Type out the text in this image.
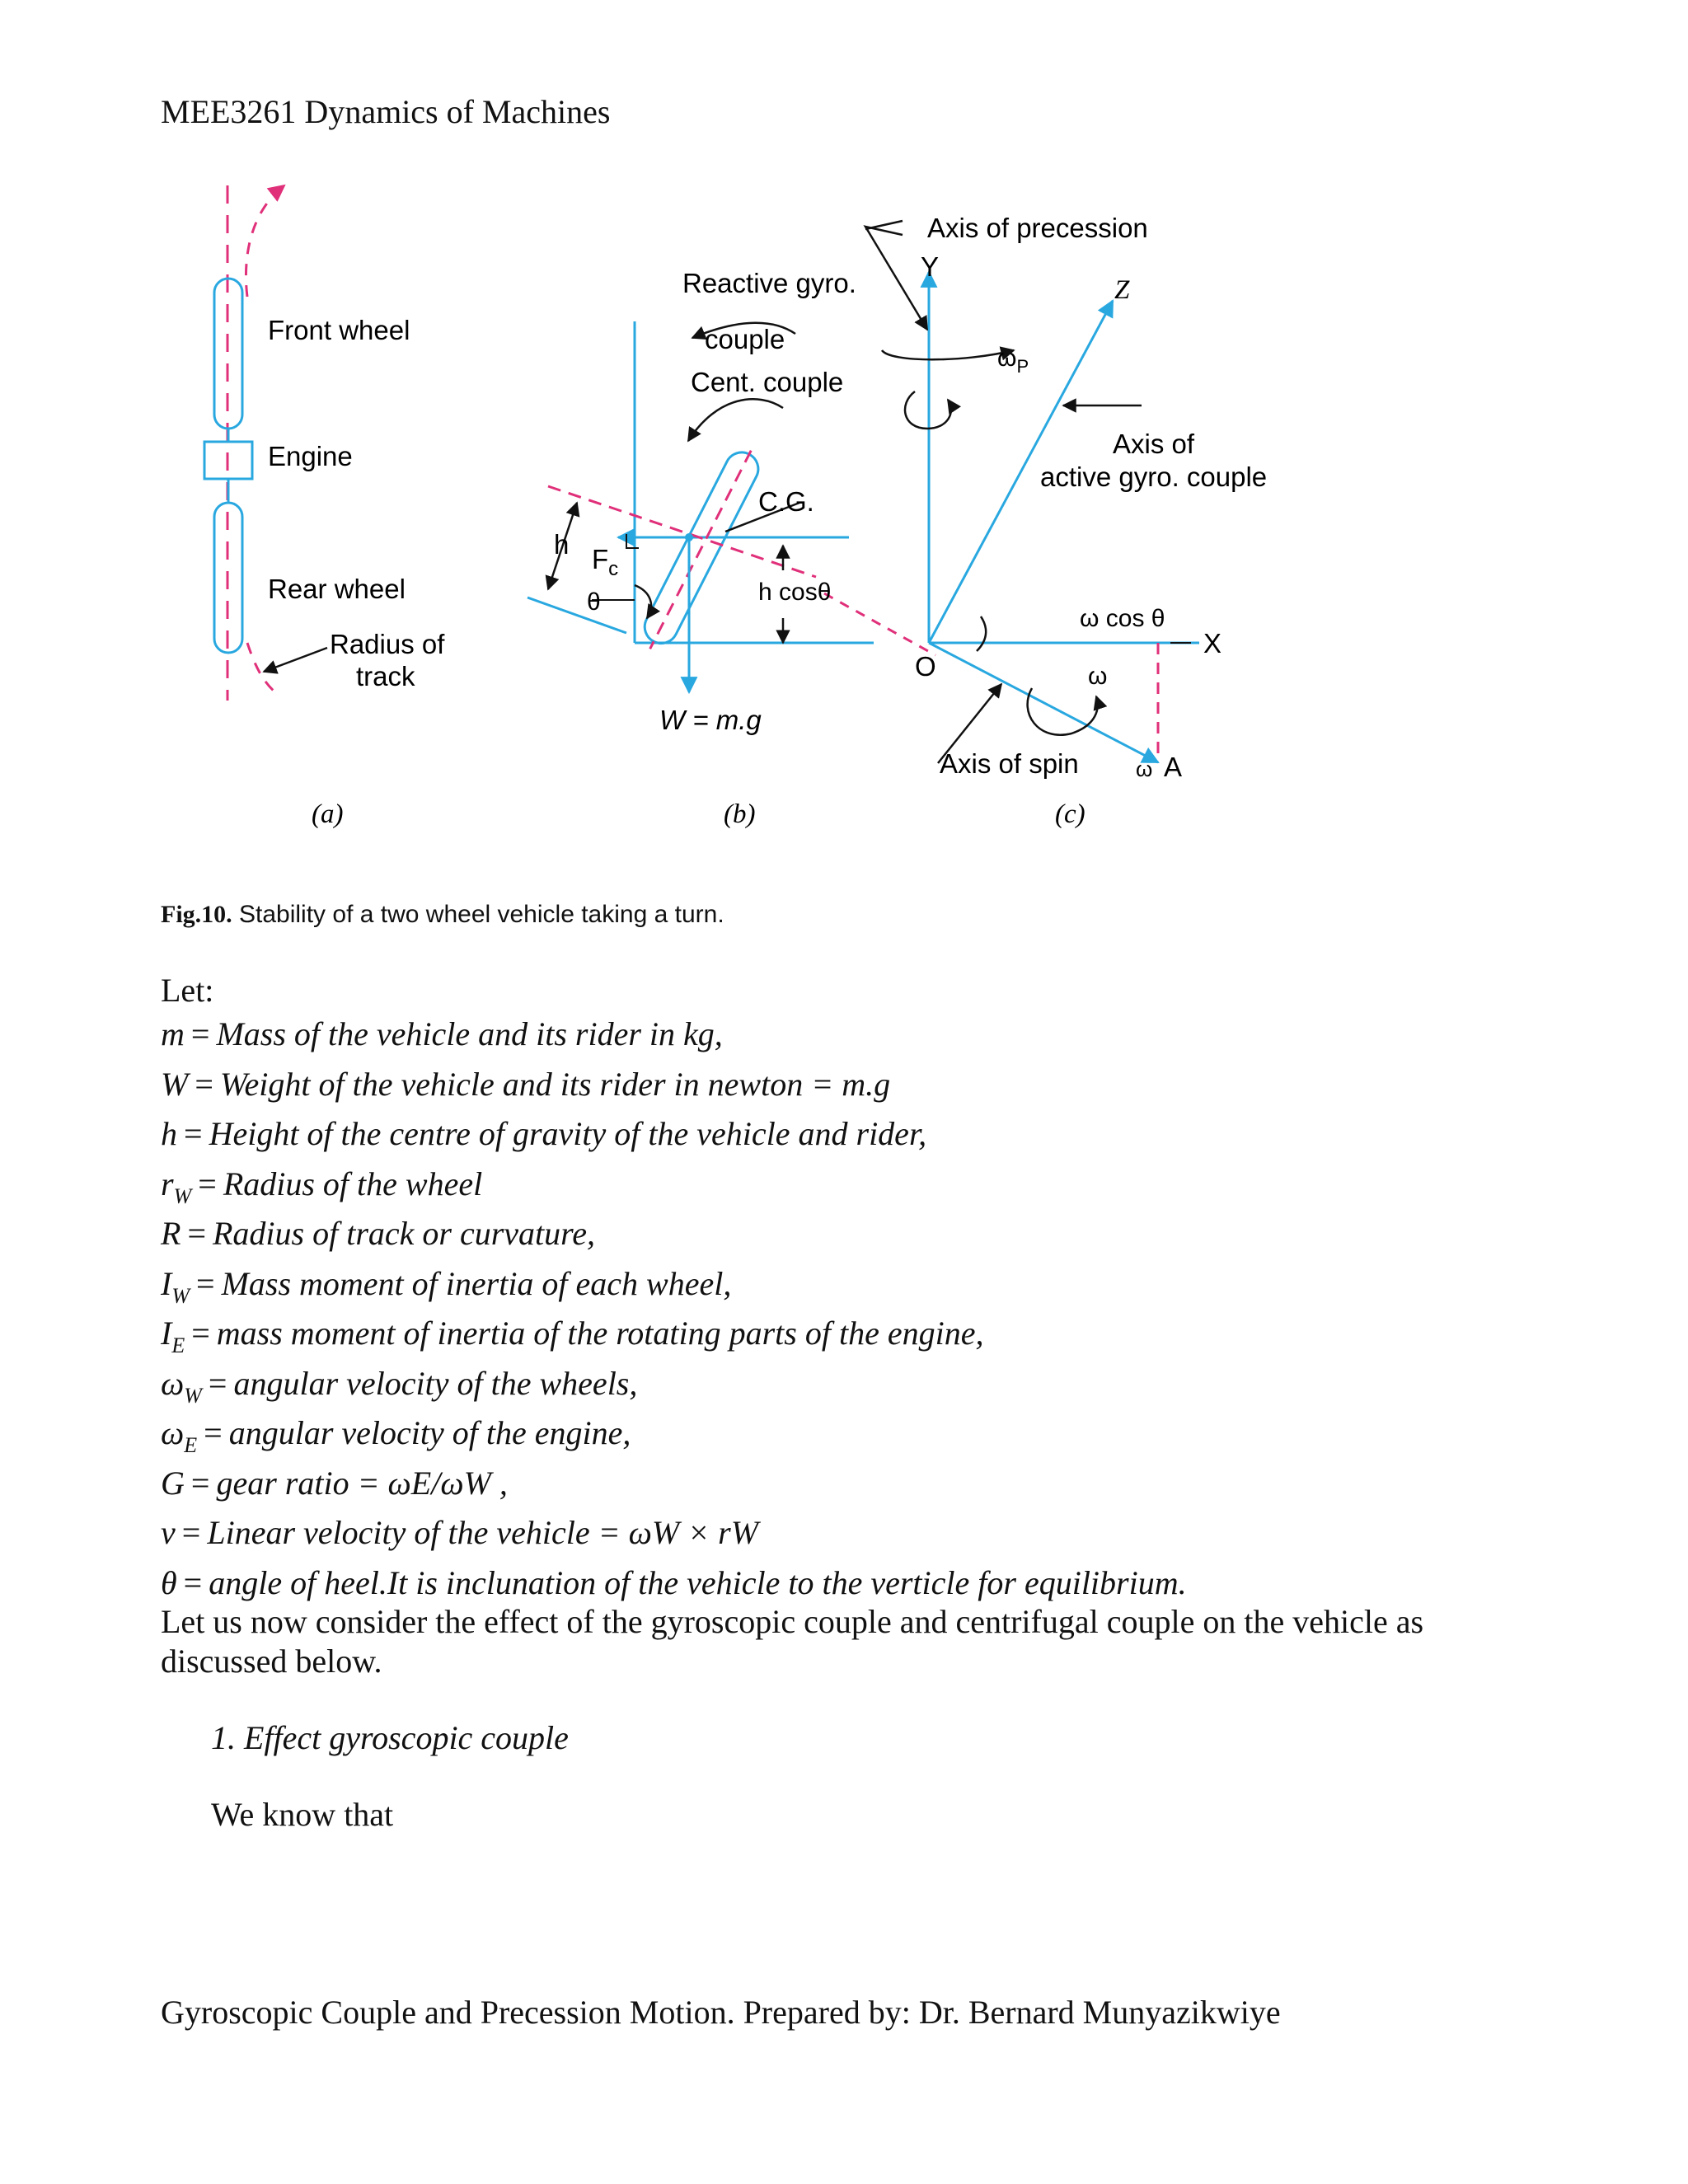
MEE3261 Dynamics of Machines
Front wheel
Engine
Rear wheel
Radius of
track
(a)
Reactive gyro.
couple
Cent. couple
C.G.
h $F_c$
θ	h cosθ
W = m.g
(b)
Axis of precession
Y
Z
$\omega_P$
Axis of
active gyro. couple
ω cos θ
X
O	ω
Axis of spin	ω A
(c)
Fig.10. Stability of a two wheel vehicle taking a turn.
Let:
m = Mass of the vehicle and its rider in kg,
W = Weight of the vehicle and its rider in newton = m.g
h = Height of the centre of gravity of the vehicle and rider,
$r_W$ = Radius of the wheel
R = Radius of track or curvature,
$I_W$ = Mass moment of inertia of each wheel,
$I_E$ = mass moment of inertia of the rotating parts of the engine,
$\omega_W$ = angular velocity of the wheels,
$\omega_E$ = angular velocity of the engine,
G = gear ratio = ωE/ωW ,
v = Linear velocity of the vehicle = ωW × rW
θ = angle of heel.It is inclunation of the vehicle to the verticle for equilibrium.
Let us now consider the effect of the gyroscopic couple and centrifugal couple on the vehicle as discussed below.
1. Effect gyroscopic couple
We know that
Gyroscopic Couple and Precession Motion. Prepared by: Dr. Bernard Munyazikwiye
